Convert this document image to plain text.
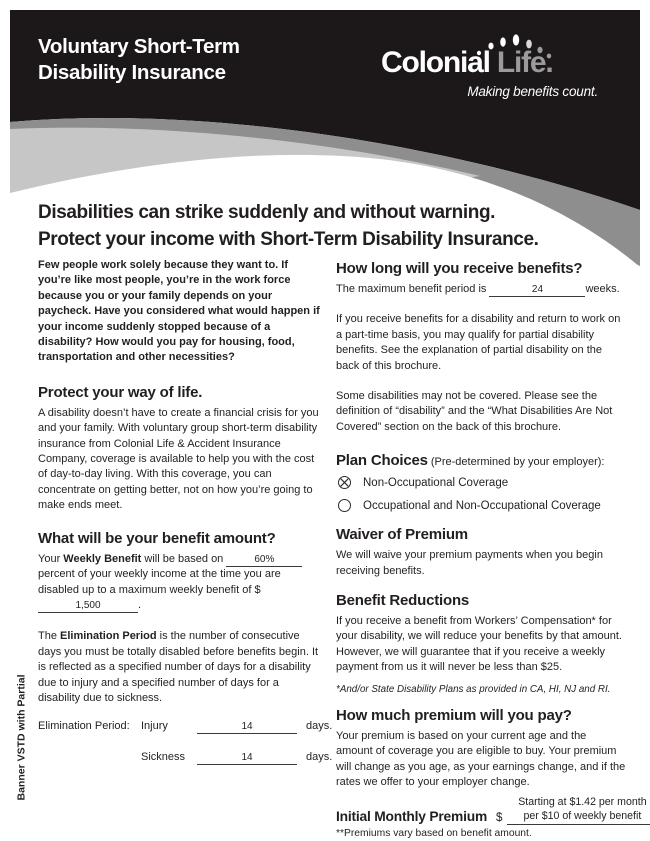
Voluntary Short-Term
Disability Insurance	Colonial Life.
Making benefits count.
Disabilities can strike suddenly and without warning.
Protect your income with Short-Term Disability Insurance.

Few people work solely because they want to. If you’re like most people, you’re in the work force because you or your family depends on your paycheck. Have you considered what would happen if your income suddenly stopped because of a disability? How would you pay for housing, food, transportation and other necessities?

Protect your way of life.

A disability doesn’t have to create a financial crisis for you and your family. With voluntary group short-term disability insurance from Colonial Life & Accident Insurance Company, coverage is available to help you with the cost of day-to-day living. With this coverage, you can concentrate on getting better, not on how you’re going to make ends meet.

What will be your benefit amount?

Your Weekly Benefit will be based on	60% percent of your weekly income at the time you are disabled up to a maximum weekly benefit of $1,500	.

The Elimination Period is the number of consecutive days you must be totally disabled before benefits begin. It is reflected as a specified number of days for a disability due to injury and a specified number of days for a disability due to sickness.

Elimination Period:	Injury	14	days.
Sickness	14	days.
How long will you receive benefits?

The maximum benefit period is	24	weeks.

If you receive benefits for a disability and return to work on a part-time basis, you may qualify for partial disability benefits. See the explanation of partial disability on the back of this brochure.

Some disabilities may not be covered. Please see the definition of “disability” and the “What Disabilities Are Not Covered” section on the back of this brochure.

Plan Choices (Pre-determined by your employer):
Non-Occupational Coverage
Occupational and Non-Occupational Coverage
Waiver of Premium

We will waive your premium payments when you begin receiving benefits.

Benefit Reductions

If you receive a benefit from Workers’ Compensation* for your disability, we will reduce your benefits by that amount. However, we will guarantee that if you receive a weekly payment from us it will never be less than $25.

*And/or State Disability Plans as provided in CA, HI, NJ and RI.

How much premium will you pay?

Your premium is based on your current age and the amount of coverage you are eligible to buy. Your premium will change as you age, as your earnings change, and if the rates we offer to your employer change.

Initial Monthly Premium $
Starting at $1.42 per month
per $10 of weekly benefit

**Premiums vary based on benefit amount.

Banner VSTD with Partial
